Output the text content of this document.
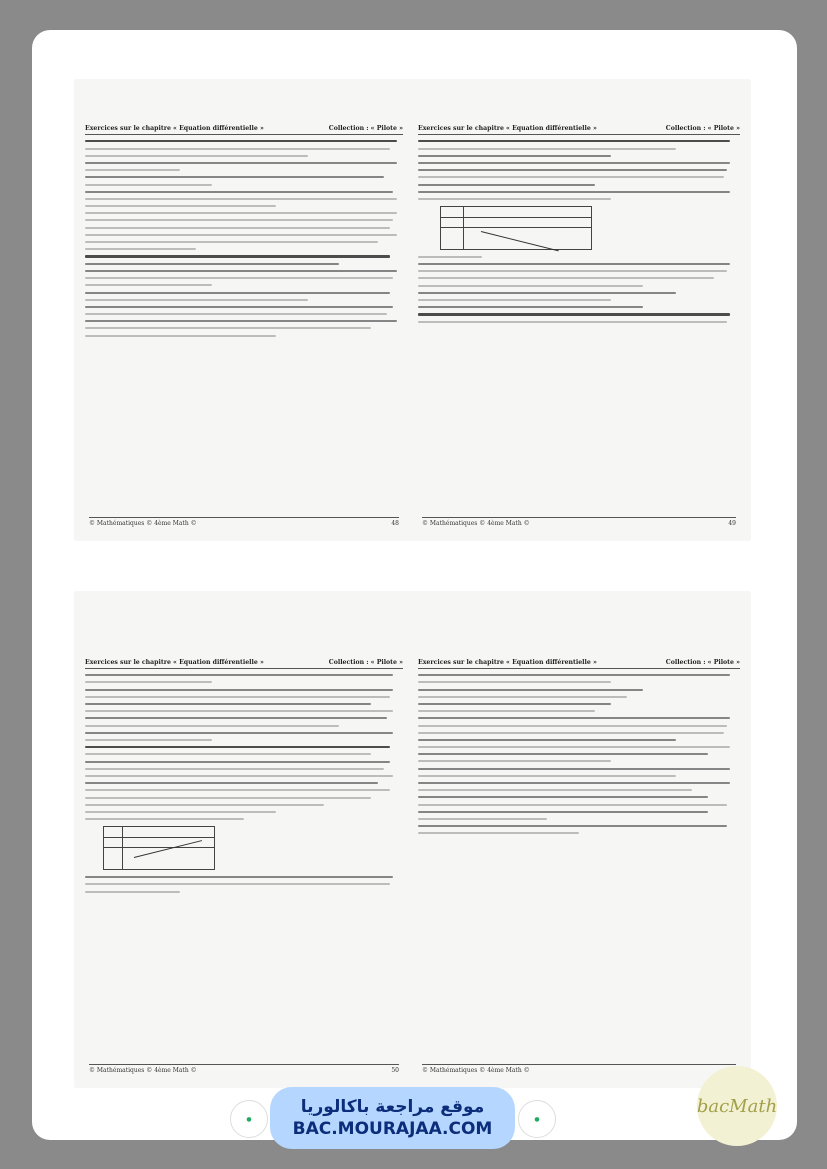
Exercices sur le chapitre « Equation différentielle »	Collection : « Pilote »
© Mathématiques © 4ème Math ©	48
Exercices sur le chapitre « Equation différentielle »	Collection : « Pilote »
© Mathématiques © 4ème Math ©	49
Exercices sur le chapitre « Equation différentielle »	Collection : « Pilote »
© Mathématiques © 4ème Math ©	50
Exercices sur le chapitre « Equation différentielle »	Collection : « Pilote »
© Mathématiques © 4ème Math ©
●
موقع مراجعة باكالوريا
BAC.MOURAJAA.COM	●
bacMath
